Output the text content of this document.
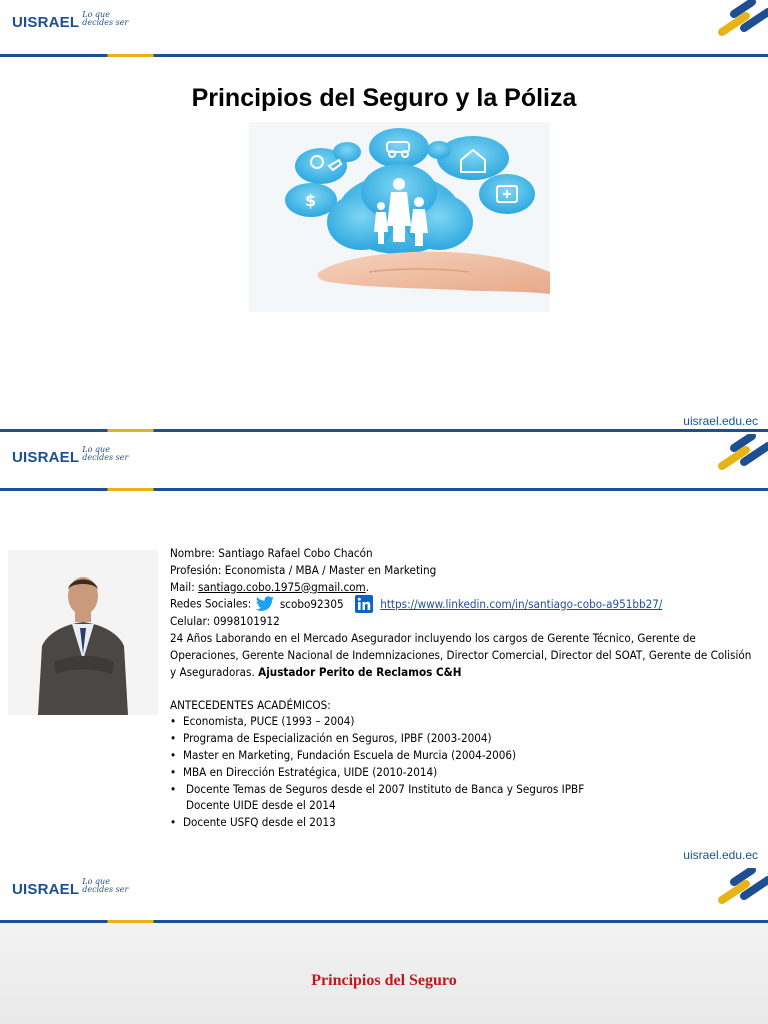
UISRAEL Lo que
decides ser
Principios del Seguro y la Póliza
$
uisrael.edu.ec
UISRAEL Lo que
decides ser
Nombre: Santiago Rafael Cobo Chacón
Profesión: Economista / MBA / Master en Marketing
Mail: santiago.cobo.1975@gmail.com.
Redes Sociales:  scobo92305	https://www.linkedin.com/in/santiago-cobo-a951bb27/
Celular: 0998101912
24 Años Laborando en el Mercado Asegurador incluyendo los cargos de Gerente Técnico, Gerente de Operaciones, Gerente Nacional de Indemnizaciones, Director Comercial, Director del SOAT, Gerente de Colisión y Aseguradoras. Ajustador Perito de Reclamos C&H
ANTECEDENTES ACADÉMICOS:
• Economista, PUCE (1993 – 2004)
• Programa de Especialización en Seguros, IPBF (2003-2004)
• Master en Marketing, Fundación Escuela de Murcia (2004-2006)
• MBA en Dirección Estratégica, UIDE (2010-2014)
• Docente Temas de Seguros desde el 2007 Instituto de Banca y Seguros IPBF
Docente UIDE desde el 2014
• Docente USFQ desde el 2013
uisrael.edu.ec
UISRAEL Lo que
decides ser
Principios del Seguro
